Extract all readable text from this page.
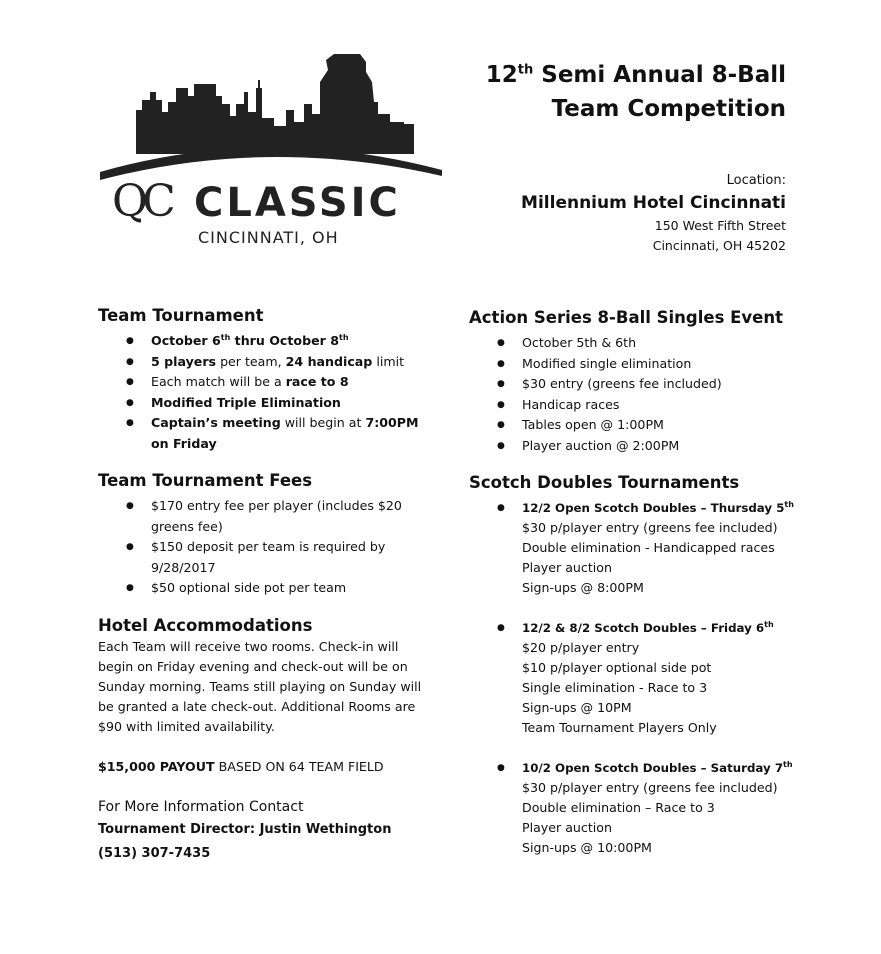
QC CLASSIC
CINCINNATI, OH
12th Semi Annual 8-Ball
Team Competition
Location:
Millennium Hotel Cincinnati
150 West Fifth Street
Cincinnati, OH 45202
Team Tournament
● October 6th thru October 8th
● 5 players per team, 24 handicap limit
● Each match will be a race to 8
● Modified Triple Elimination
● Captain’s meeting will begin at 7:00PM on Friday
Team Tournament Fees
● $170 entry fee per player (includes $20 greens fee)
● $150 deposit per team is required by 9/28/2017
● $50 optional side pot per team
Hotel Accommodations

Each Team will receive two rooms. Check-in will begin on Friday evening and check-out will be on Sunday morning. Teams still playing on Sunday will be granted a late check-out. Additional Rooms are $90 with limited availability.

$15,000 PAYOUT BASED ON 64 TEAM FIELD
For More Information Contact
Tournament Director: Justin Wethington
(513) 307-7435
Action Series 8-Ball Singles Event
● October 5th & 6th
● Modified single elimination
● $30 entry (greens fee included)
● Handicap races
● Tables open @ 1:00PM
● Player auction @ 2:00PM
Scotch Doubles Tournaments
● 12/2 Open Scotch Doubles – Thursday 5th
$30 p/player entry (greens fee included)
Double elimination - Handicapped races
Player auction
Sign-ups @ 8:00PM
● 12/2 & 8/2 Scotch Doubles – Friday 6th
$20 p/player entry
$10 p/player optional side pot
Single elimination - Race to 3
Sign-ups @ 10PM
Team Tournament Players Only
● 10/2 Open Scotch Doubles – Saturday 7th
$30 p/player entry (greens fee included)
Double elimination – Race to 3
Player auction
Sign-ups @ 10:00PM
